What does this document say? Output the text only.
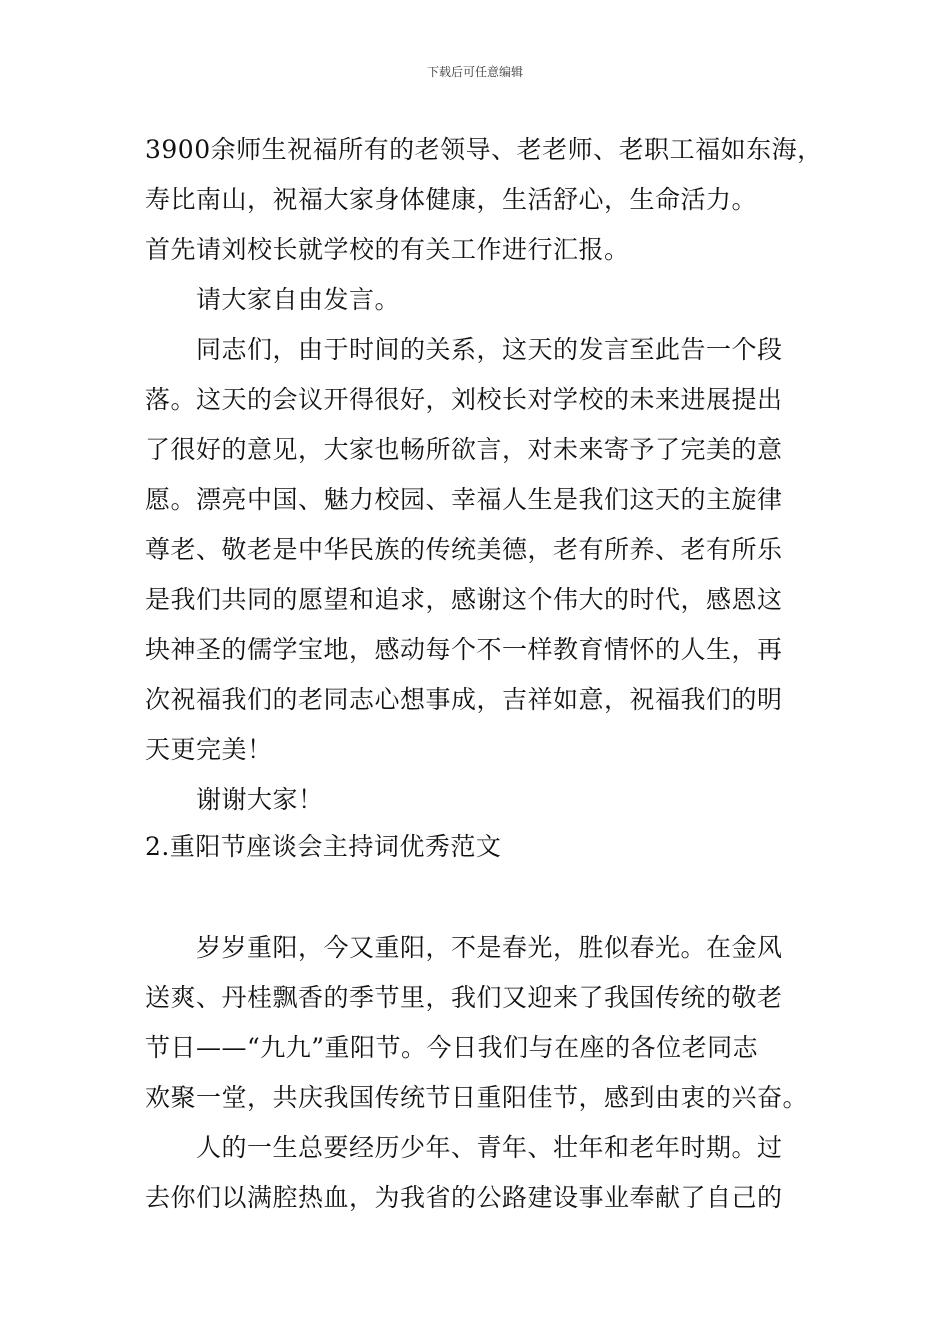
下载后可任意编辑
3900余师生祝福所有的老领导、老老师、老职工福如东海，
寿比南山，祝福大家身体健康，生活舒心，生命活力。
首先请刘校长就学校的有关工作进行汇报。
请大家自由发言。
同志们，由于时间的关系，这天的发言至此告一个段
落。这天的会议开得很好，刘校长对学校的未来进展提出
了很好的意见，大家也畅所欲言，对未来寄予了完美的意
愿。漂亮中国、魅力校园、幸福人生是我们这天的主旋律
尊老、敬老是中华民族的传统美德，老有所养、老有所乐
是我们共同的愿望和追求，感谢这个伟大的时代，感恩这
块神圣的儒学宝地，感动每个不一样教育情怀的人生，再
次祝福我们的老同志心想事成，吉祥如意，祝福我们的明
天更完美！
谢谢大家！
2.重阳节座谈会主持词优秀范文
岁岁重阳，今又重阳，不是春光，胜似春光。在金风
送爽、丹桂飘香的季节里，我们又迎来了我国传统的敬老
节日——“九九”重阳节。今日我们与在座的各位老同志
欢聚一堂，共庆我国传统节日重阳佳节，感到由衷的兴奋。
人的一生总要经历少年、青年、壮年和老年时期。过
去你们以满腔热血，为我省的公路建设事业奉献了自己的
